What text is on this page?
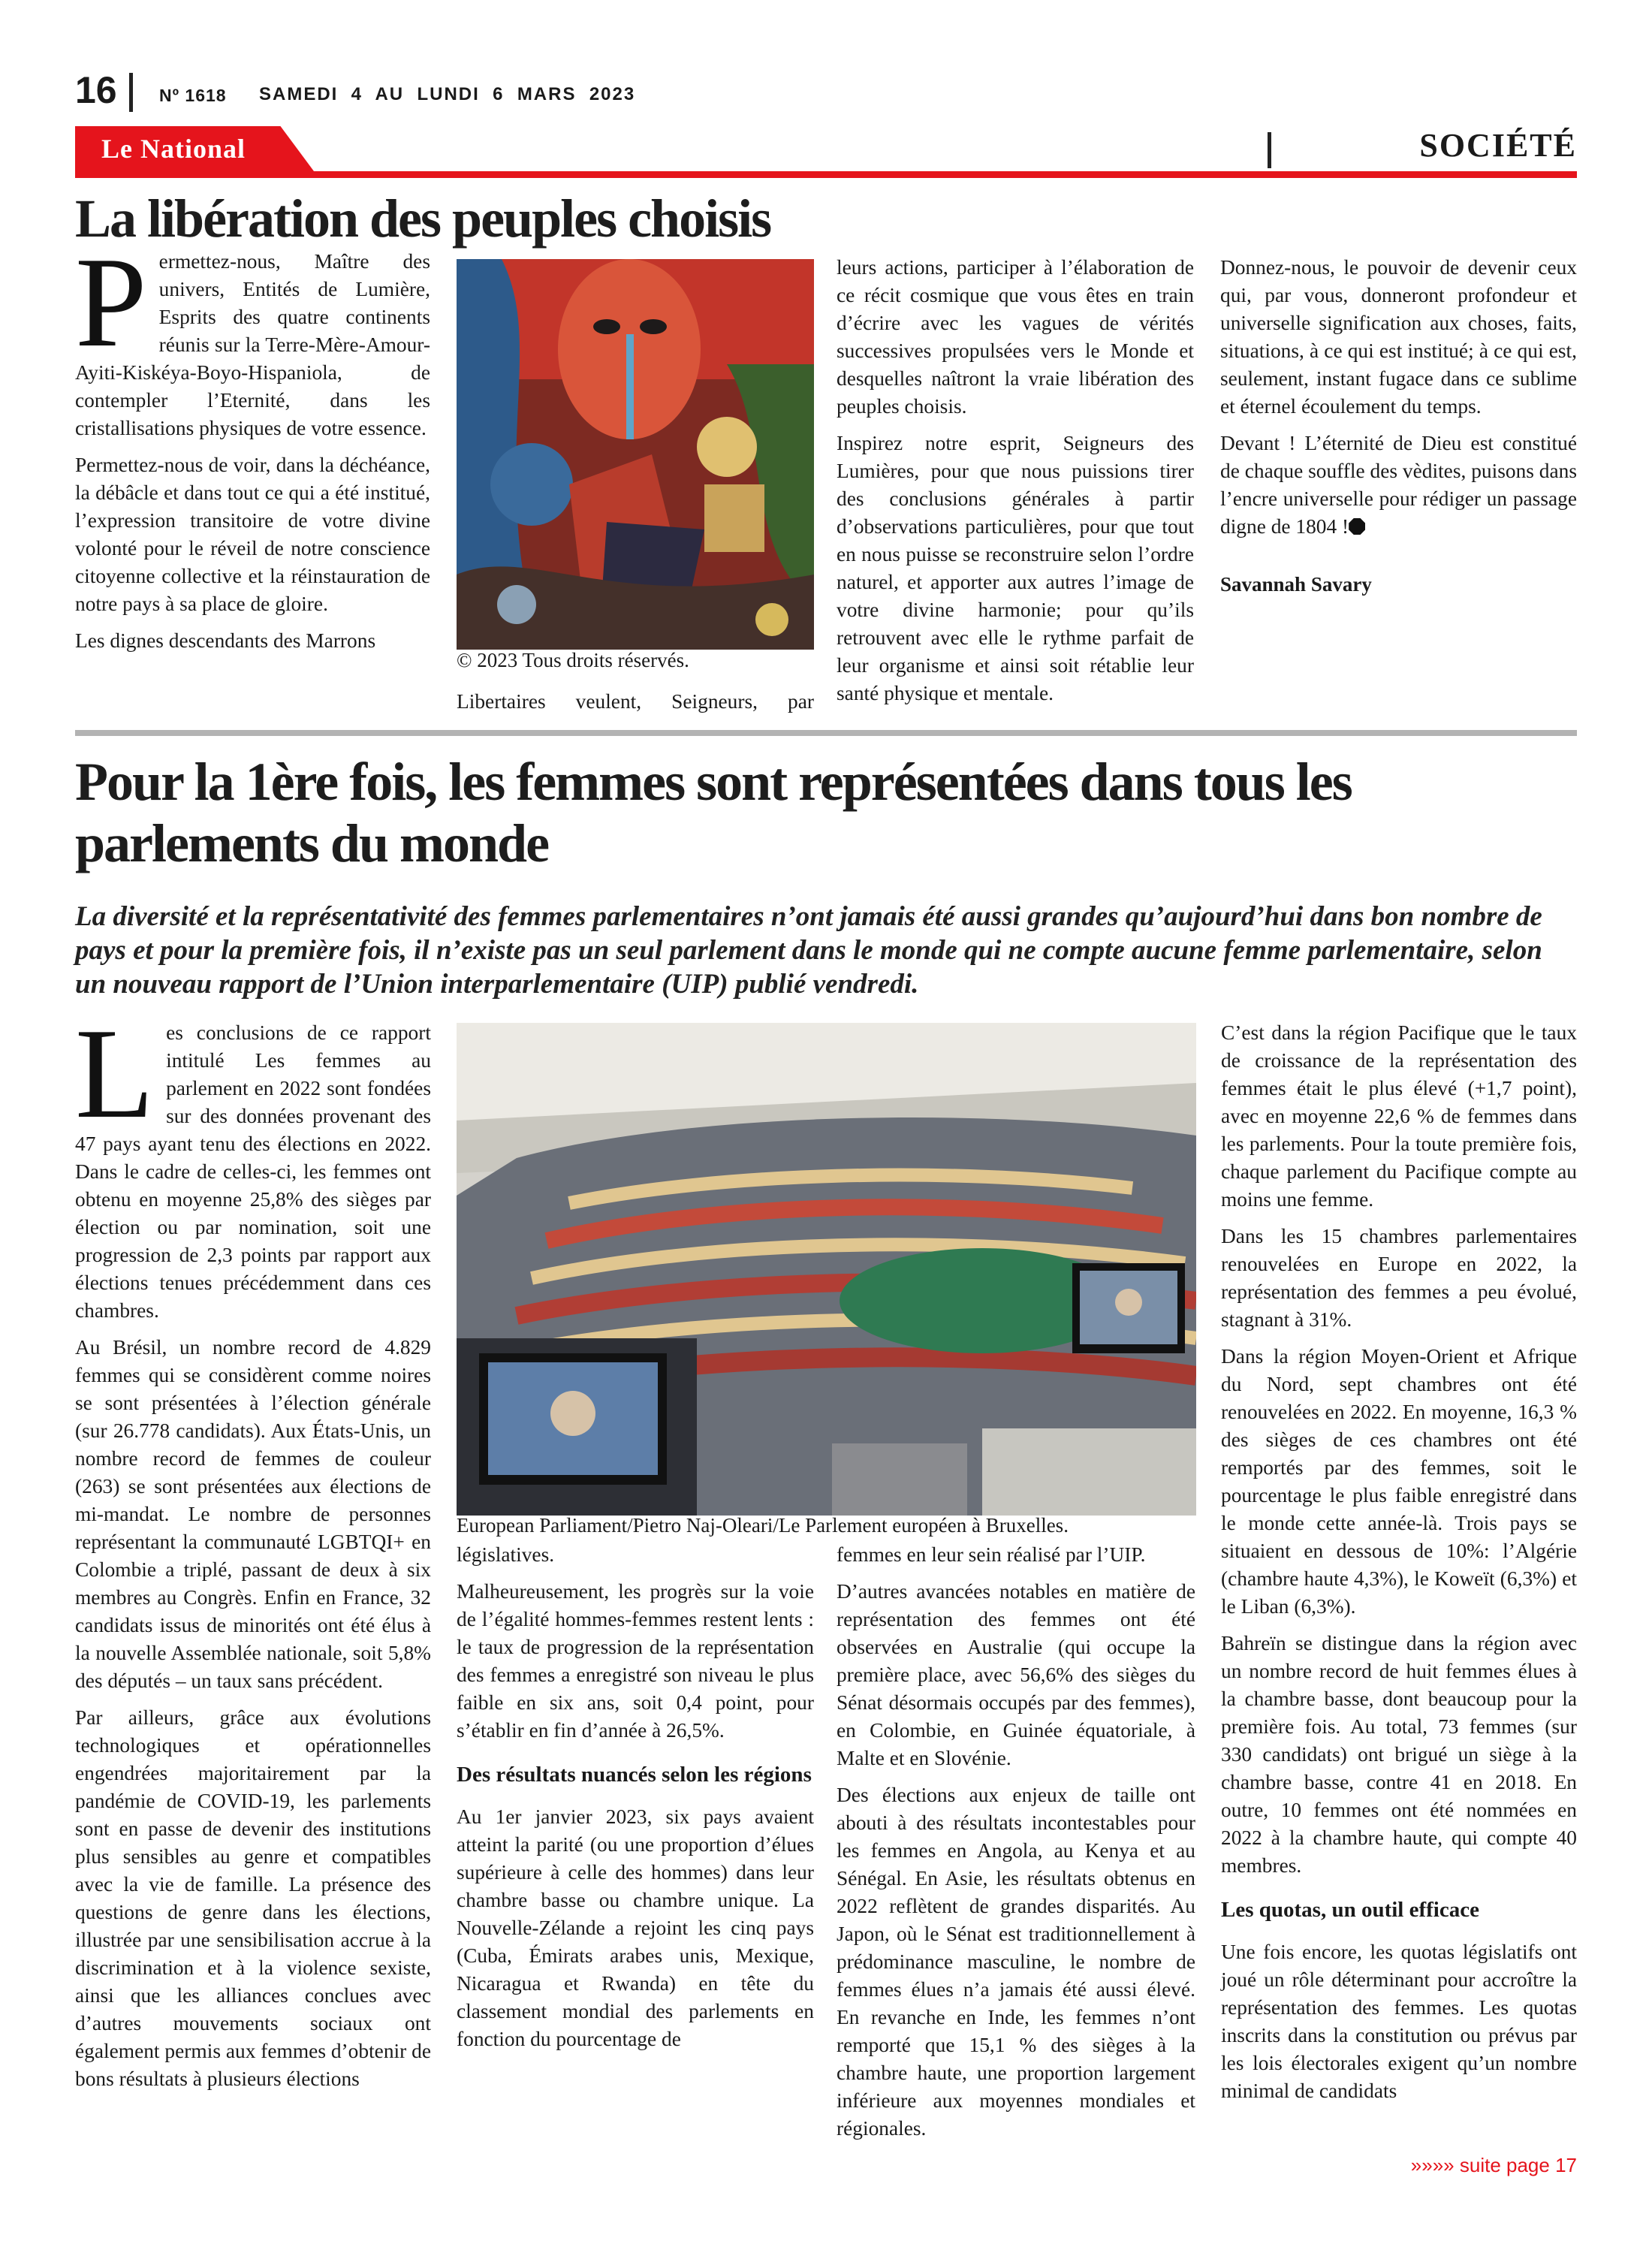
16 Nº 1618 SAMEDI  4  AU  LUNDI  6  MARS  2023
Le National	SOCIÉTÉ
La libération des peuples choisis

Permettez-nous, Maître des univers, Entités de Lumière, Esprits des quatre continents réunis sur la Terre-Mère-Amour-Ayiti-Kiskéya-Boyo-Hispaniola, de contempler l’Eternité, dans les cristallisations physiques de votre essence.

Permettez-nous de voir, dans la déchéance, la débâcle et dans tout ce qui a été institué, l’expression transitoire de votre divine volonté pour le réveil de notre conscience citoyenne collective et la réinstauration de notre pays à sa place de gloire.

Les dignes descendants des Marrons

© 2023 Tous droits réservés.
Libertaires veulent, Seigneurs, par

leurs actions, participer à l’élaboration de ce récit cosmique que vous êtes en train d’écrire avec les vagues de vérités successives propulsées vers le Monde et desquelles naîtront la vraie libération des peuples choisis.

Inspirez notre esprit, Seigneurs des Lumières, pour que nous puissions tirer des conclusions générales à partir d’observations particulières, pour que tout en nous puisse se reconstruire selon l’ordre naturel, et apporter aux autres l’image de votre divine harmonie; pour qu’ils retrouvent avec elle le rythme parfait de leur organisme et ainsi soit rétablie leur santé physique et mentale.

Donnez-nous, le pouvoir de devenir ceux qui, par vous, donneront profondeur et universelle signification aux choses, faits, situations, à ce qui est institué; à ce qui est, seulement, instant fugace dans ce sublime et éternel écoulement du temps.

Devant ! L’éternité de Dieu est constitué de chaque souffle des vèdites, puisons dans l’encre universelle pour rédiger un passage digne de 1804 !

Savannah Savary
Pour la 1ère fois, les femmes sont représentées dans tous les parlements du monde
La diversité et la représentativité des femmes parlementaires n’ont jamais été aussi grandes qu’aujourd’hui dans bon nombre de pays et pour la première fois, il n’existe pas un seul parlement dans le monde qui ne compte aucune femme parlementaire, selon un nouveau rapport de l’Union interparlementaire (UIP) publié vendredi.

Les conclusions de ce rapport intitulé Les femmes au parlement en 2022 sont fondées sur des données provenant des 47 pays ayant tenu des élections en 2022. Dans le cadre de celles-ci, les femmes ont obtenu en moyenne 25,8% des sièges par élection ou par nomination, soit une progression de 2,3 points par rapport aux élections tenues précédemment dans ces chambres.

Au Brésil, un nombre record de 4.829 femmes qui se considèrent comme noires se sont présentées à l’élection générale (sur 26.778 candidats). Aux États-Unis, un nombre record de femmes de couleur (263) se sont présentées aux élections de mi-mandat. Le nombre de personnes représentant la communauté LGBTQI+ en Colombie a triplé, passant de deux à six membres au Congrès. Enfin en France, 32 candidats issus de minorités ont été élus à la nouvelle Assemblée nationale, soit 5,8% des députés – un taux sans précédent.

Par ailleurs, grâce aux évolutions technologiques et opérationnelles engendrées majoritairement par la pandémie de COVID-19, les parlements sont en passe de devenir des institutions plus sensibles au genre et compatibles avec la vie de famille. La présence des questions de genre dans les élections, illustrée par une sensibilisation accrue à la discrimination et à la violence sexiste, ainsi que les alliances conclues avec d’autres mouvements sociaux ont également permis aux femmes d’obtenir de bons résultats à plusieurs élections

European Parliament/Pietro Naj-Oleari/Le Parlement européen à Bruxelles.

législatives.

Malheureusement, les progrès sur la voie de l’égalité hommes-femmes restent lents : le taux de progression de la représentation des femmes a enregistré son niveau le plus faible en six ans, soit 0,4 point, pour s’établir en fin d’année à 26,5%.

Des résultats nuancés selon les régions

Au 1er janvier 2023, six pays avaient atteint la parité (ou une proportion d’élues supérieure à celle des hommes) dans leur chambre basse ou chambre unique. La Nouvelle-Zélande a rejoint les cinq pays (Cuba, Émirats arabes unis, Mexique, Nicaragua et Rwanda) en tête du classement mondial des parlements en fonction du pourcentage de

femmes en leur sein réalisé par l’UIP.

D’autres avancées notables en matière de représentation des femmes ont été observées en Australie (qui occupe la première place, avec 56,6% des sièges du Sénat désormais occupés par des femmes), en Colombie, en Guinée équatoriale, à Malte et en Slovénie.

Des élections aux enjeux de taille ont abouti à des résultats incontestables pour les femmes en Angola, au Kenya et au Sénégal. En Asie, les résultats obtenus en 2022 reflètent de grandes disparités. Au Japon, où le Sénat est traditionnellement à prédominance masculine, le nombre de femmes élues n’a jamais été aussi élevé. En revanche en Inde, les femmes n’ont remporté que 15,1 % des sièges à la chambre haute, une proportion largement inférieure aux moyennes mondiales et régionales.

C’est dans la région Pacifique que le taux de croissance de la représentation des femmes était le plus élevé (+1,7 point), avec en moyenne 22,6 % de femmes dans les parlements. Pour la toute première fois, chaque parlement du Pacifique compte au moins une femme.

Dans les 15 chambres parlementaires renouvelées en Europe en 2022, la représentation des femmes a peu évolué, stagnant à 31%.

Dans la région Moyen-Orient et Afrique du Nord, sept chambres ont été renouvelées en 2022. En moyenne, 16,3 % des sièges de ces chambres ont été remportés par des femmes, soit le pourcentage le plus faible enregistré dans le monde cette année-là. Trois pays se situaient en dessous de 10%: l’Algérie (chambre haute 4,3%), le Koweït (6,3%) et le Liban (6,3%).

Bahreïn se distingue dans la région avec un nombre record de huit femmes élues à la chambre basse, dont beaucoup pour la première fois. Au total, 73 femmes (sur 330 candidats) ont brigué un siège à la chambre basse, contre 41 en 2018. En outre, 10 femmes ont été nommées en 2022 à la chambre haute, qui compte 40 membres.

Les quotas, un outil efficace

Une fois encore, les quotas législatifs ont joué un rôle déterminant pour accroître la représentation des femmes. Les quotas inscrits dans la constitution ou prévus par les lois électorales exigent qu’un nombre minimal de candidats

»»»» suite page 17
